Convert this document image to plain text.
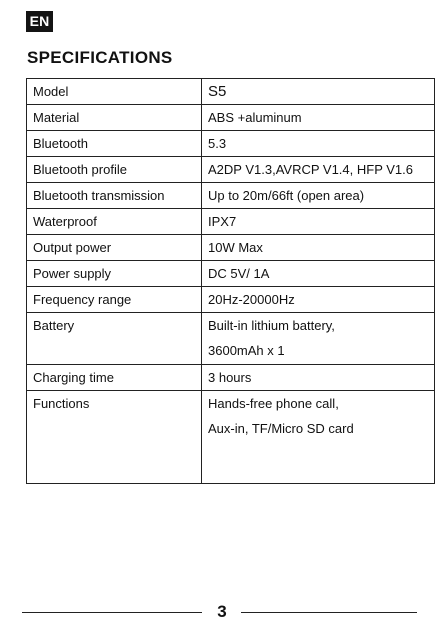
EN
SPECIFICATIONS
Model	S5

Material	ABS +aluminum

Bluetooth	5.3

Bluetooth profile	A2DP V1.3,AVRCP V1.4, HFP V1.6

Bluetooth transmission	Up to 20m/66ft (open area)

Waterproof	IPX7

Output power	10W Max

Power supply	DC 5V/ 1A

Frequency range	20Hz-20000Hz

Battery	Built-in lithium battery,
3600mAh x 1

Charging time	3 hours

Functions	Hands-free phone call,
Aux-in, TF/Micro SD card
3
